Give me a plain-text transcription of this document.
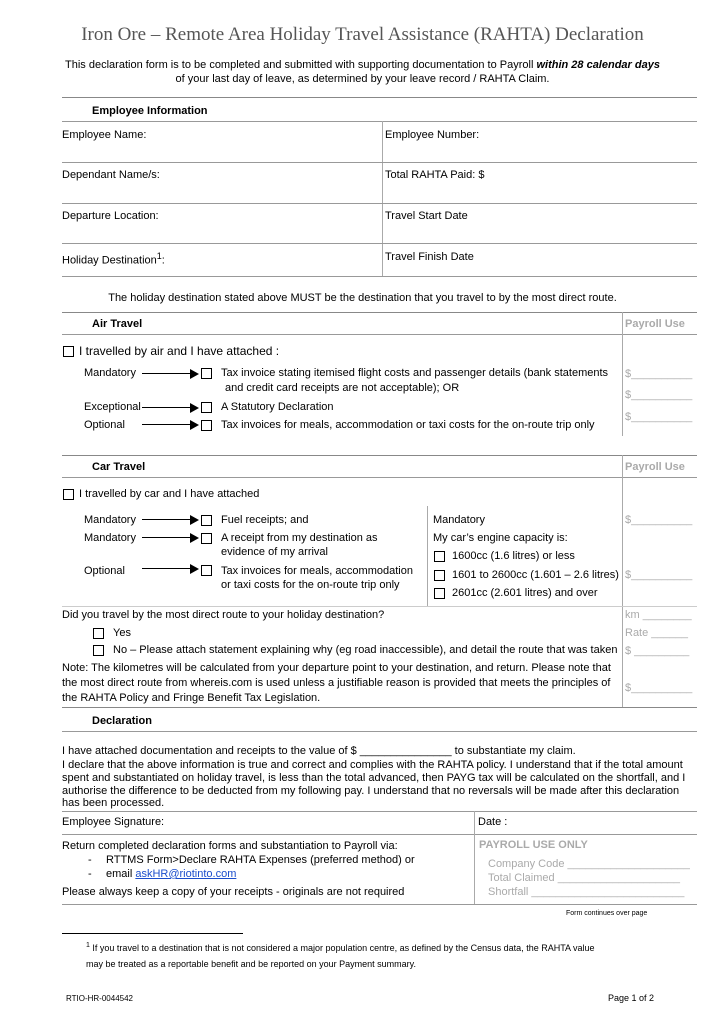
Iron Ore – Remote Area Holiday Travel Assistance (RAHTA) Declaration
This declaration form is to be completed and submitted with supporting documentation to Payroll within 28 calendar days of your last day of leave, as determined by your leave record / RAHTA Claim.
Employee Information
Employee Name:	Employee Number:
Dependant Name/s:	Total RAHTA Paid: $
Departure Location:	Travel Start Date
Holiday Destination$^1$:	Travel Finish Date
The holiday destination stated above MUST be the destination that you travel to by the most direct route.
Air Travel	Payroll Use
I travelled by air and I have attached :
Mandatory	Tax invoice stating itemised flight costs and passenger details (bank statements
and credit card receipts are not acceptable); OR
Exceptional	A Statutory Declaration
Optional	Tax invoices for meals, accommodation or taxi costs for the on-route trip only
$__________
$__________
$__________
Car Travel	Payroll Use
I travelled by car and I have attached
Mandatory	Fuel receipts; and
Mandatory	A receipt from my destination as
evidence of my arrival
Optional	Tax invoices for meals, accommodation
or taxi costs for the on-route trip only
Mandatory
My car’s engine capacity is:
1600cc (1.6 litres) or less
1601 to 2600cc (1.601 – 2.6 litres)
2601cc (2.601 litres) and over
$__________
$__________
Did you travel by the most direct route to your holiday destination?
Yes
No – Please attach statement explaining why (eg road inaccessible), and detail the route that was taken
km ________
Rate ______
$ _________
Note: The kilometres will be calculated from your departure point to your destination, and return. Please note that
the most direct route from whereis.com is used unless a justifiable reason is provided that meets the principles of
the RAHTA Policy and Fringe Benefit Tax Legislation.
$__________
Declaration
I have attached documentation and receipts to the value of $ _______________ to substantiate my claim.
I declare that the above information is true and correct and complies with the RAHTA policy. I understand that if the total amount
spent and substantiated on holiday travel, is less than the total advanced, then PAYG tax will be calculated on the shortfall, and I
authorise the difference to be deducted from my following pay. I understand that no reversals will be made after this declaration
has been processed.
Employee Signature:	Date :
Return completed declaration forms and substantiation to Payroll via:
- RTTMS Form>Declare RAHTA Expenses (preferred method) or
- email askHR@riotinto.com
Please always keep a copy of your receipts - originals are not required
PAYROLL USE ONLY
Company Code ____________________
Total Claimed ____________________
Shortfall _________________________
Form continues over page
$^1$ If you travel to a destination that is not considered a major population centre, as defined by the Census data, the RAHTA value
may be treated as a reportable benefit and be reported on your Payment summary.
RTIO-HR-0044542	Page 1 of 2
